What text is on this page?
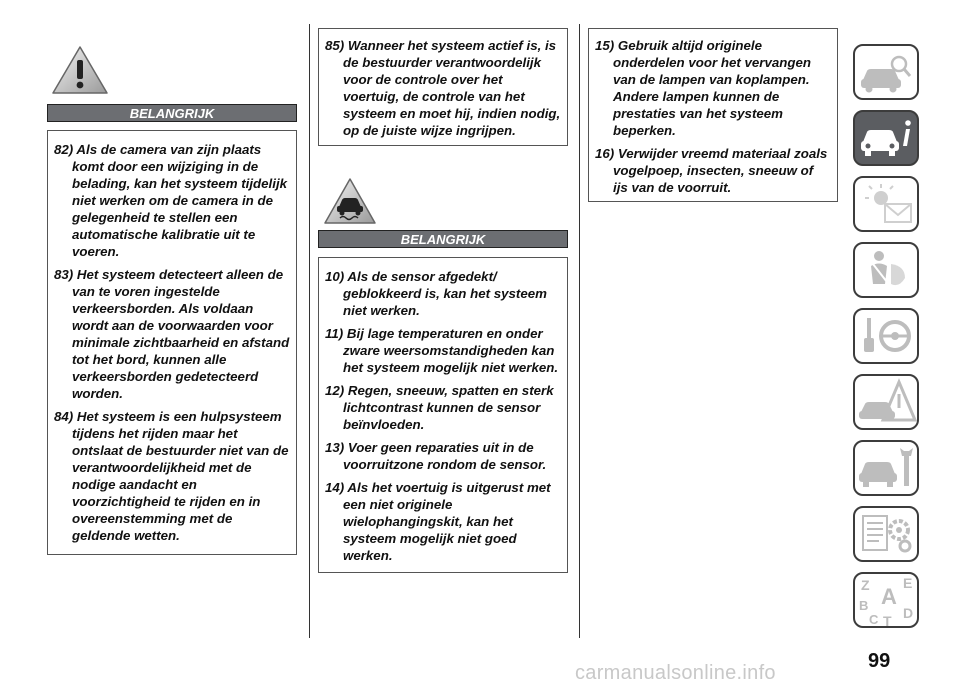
BELANGRIJK

82) Als de camera van zijn plaats komt door een wijziging in de belading, kan het systeem tijdelijk niet werken om de camera in de gelegenheid te stellen een automatische kalibratie uit te voeren.

83) Het systeem detecteert alleen de van te voren ingestelde verkeersborden. Als voldaan wordt aan de voorwaarden voor minimale zichtbaarheid en afstand tot het bord, kunnen alle verkeersborden gedetecteerd worden.

84) Het systeem is een hulpsysteem tijdens het rijden maar het ontslaat de bestuurder niet van de verantwoordelijkheid met de nodige aandacht en voorzichtigheid te rijden en in overeenstemming met de geldende wetten.

85) Wanneer het systeem actief is, is de bestuurder verantwoordelijk voor de controle over het voertuig, de controle van het systeem en moet hij, indien nodig, op de juiste wijze ingrijpen.

BELANGRIJK

10) Als de sensor afgedekt/ geblokkeerd is, kan het systeem niet werken.

11) Bij lage temperaturen en onder zware weersomstandigheden kan het systeem mogelijk niet werken.

12) Regen, sneeuw, spatten en sterk lichtcontrast kunnen de sensor beïnvloeden.

13) Voer geen reparaties uit in de voorruitzone rondom de sensor.

14) Als het voertuig is uitgerust met een niet originele wielophangingskit, kan het systeem mogelijk niet goed werken.

15) Gebruik altijd originele onderdelen voor het vervangen van de lampen van koplampen. Andere lampen kunnen de prestaties van het systeem beperken.

16) Verwijder vreemd materiaal zoals vogelpoep, insecten, sneeuw of ijs van de voorruit.

Z E
A
B
C T D
99
carmanualsonline.info
